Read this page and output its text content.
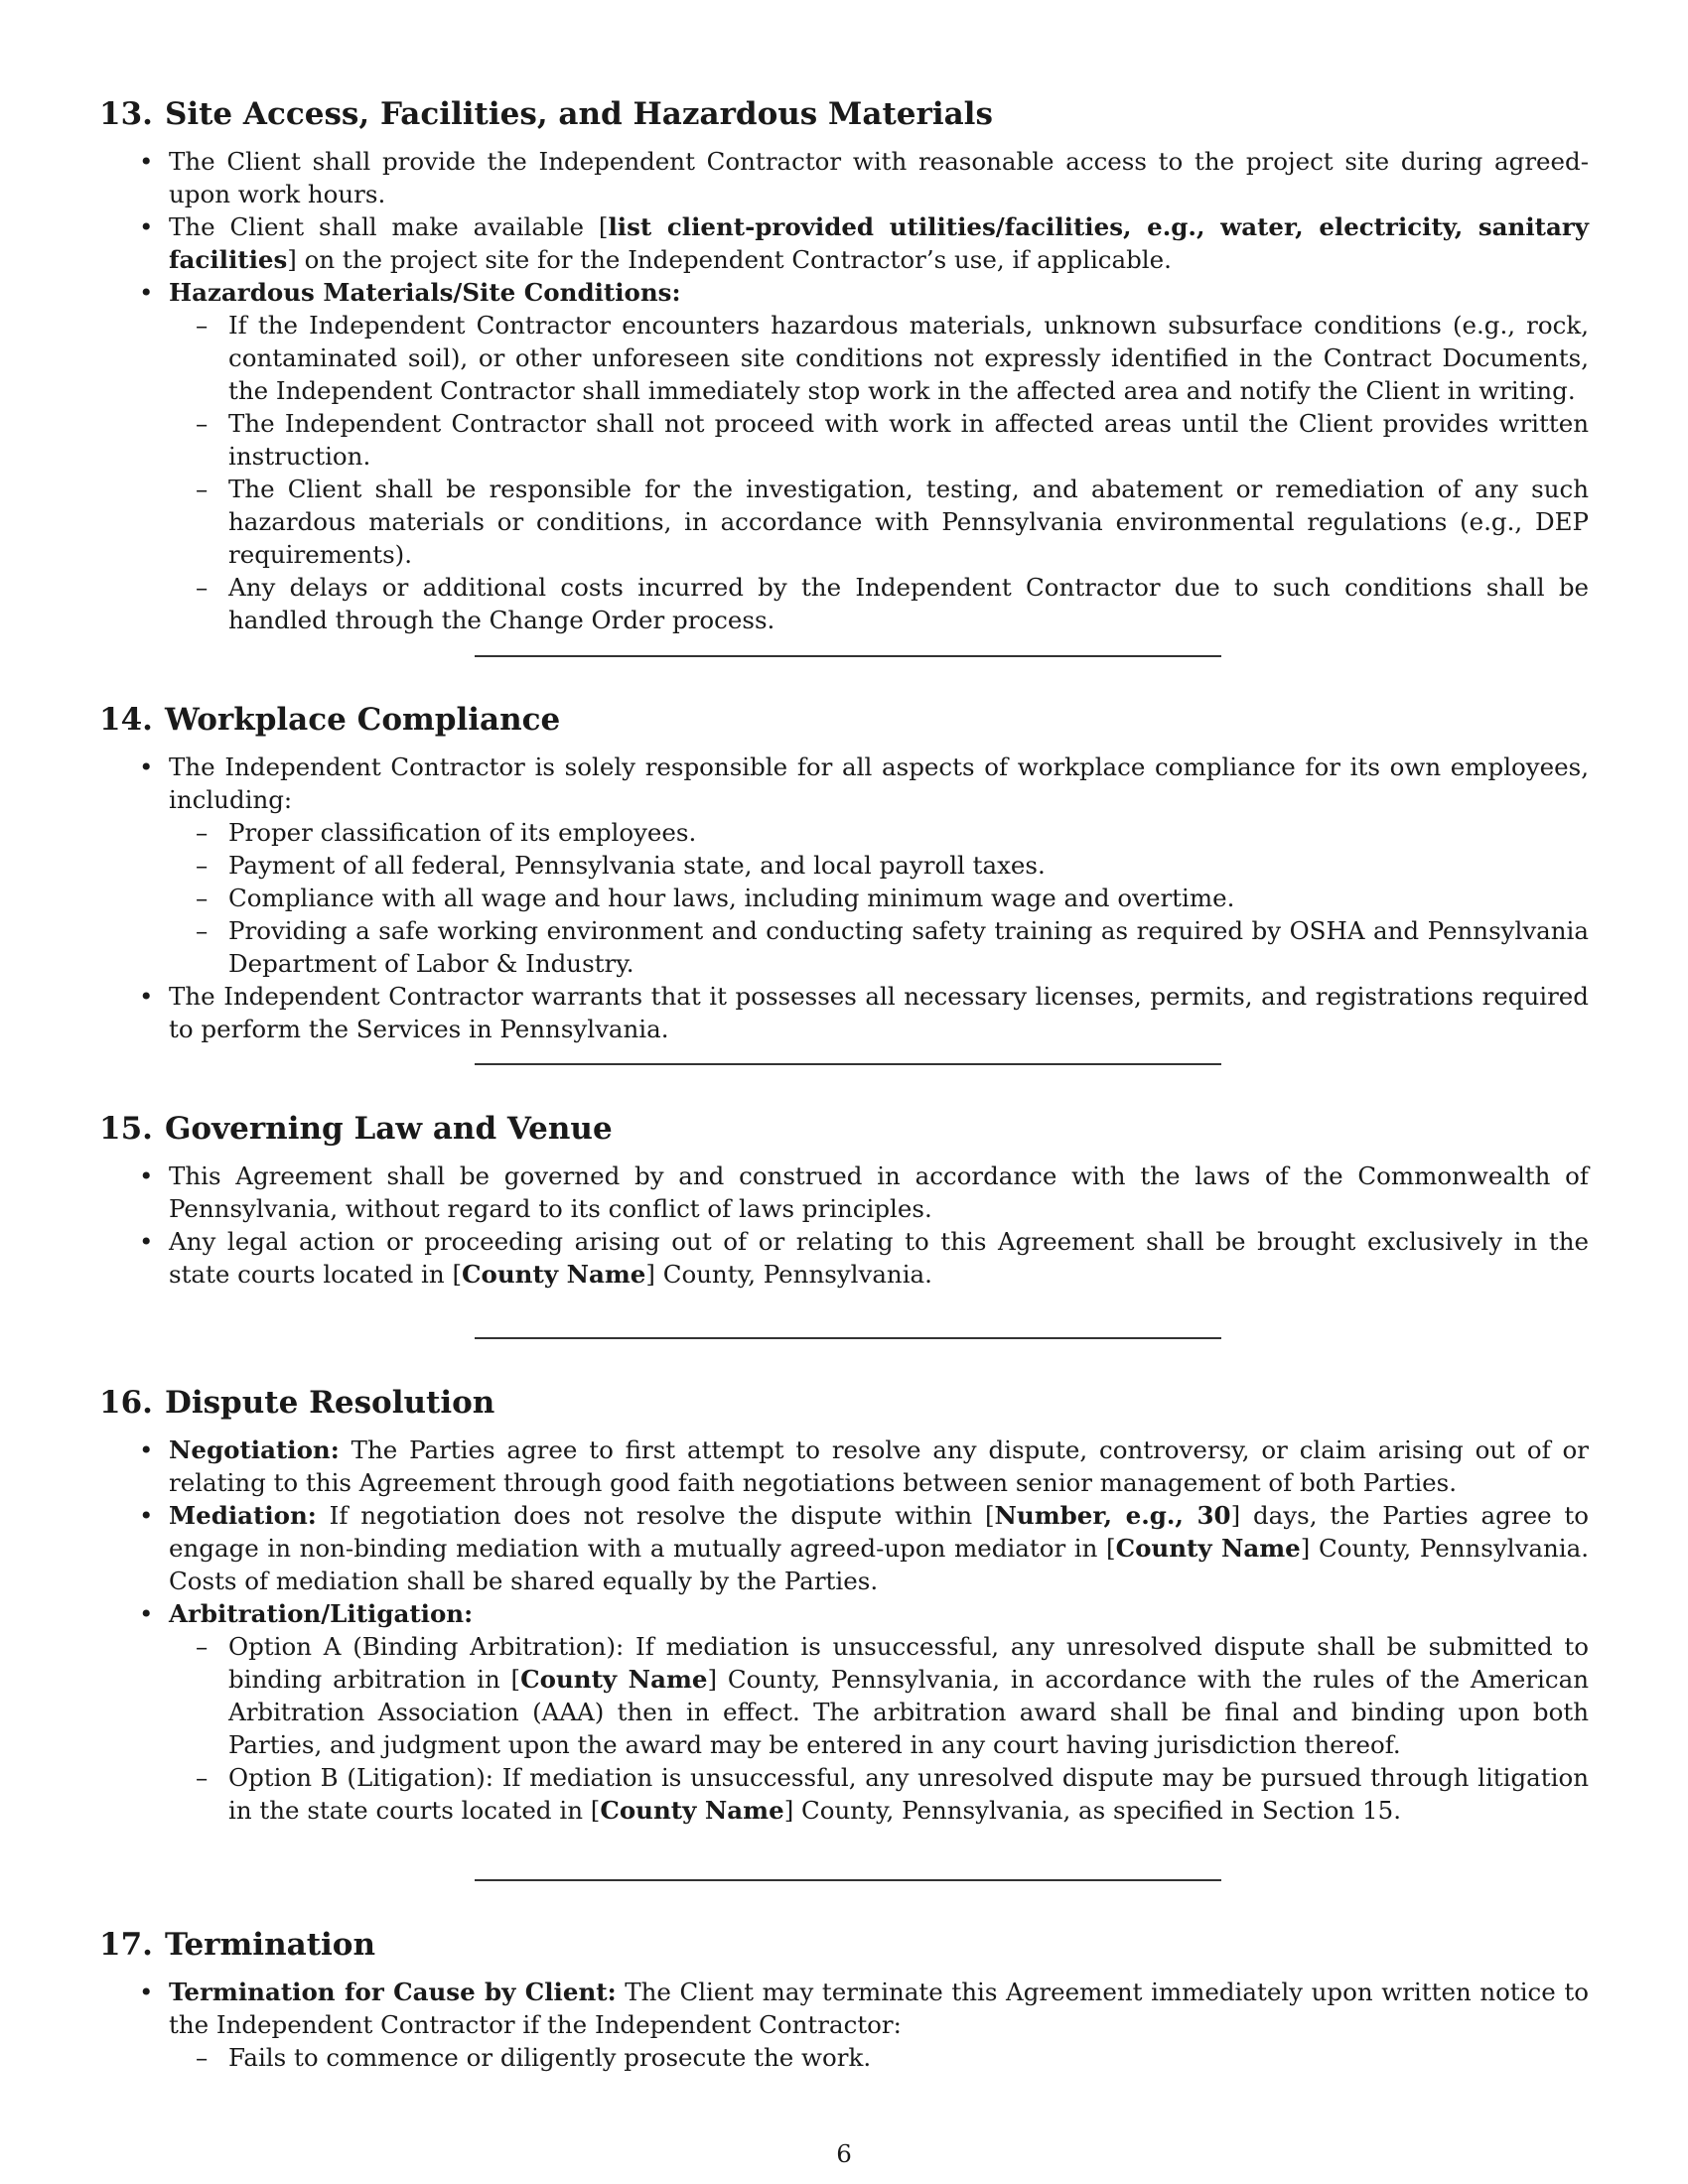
13. Site Access, Facilities, and Hazardous Materials
• The Client shall provide the Independent Contractor with reasonable access to the project site during agreed-upon work hours.
• The Client shall make available [list client-provided utilities/facilities, e.g., water, electricity, sanitary facilities] on the project site for the Independent Contractor’s use, if applicable.
• Hazardous Materials/Site Conditions:
– If the Independent Contractor encounters hazardous materials, unknown subsurface conditions (e.g., rock, contaminated soil), or other unforeseen site conditions not expressly identified in the Contract Documents, the Independent Contractor shall immediately stop work in the affected area and notify the Client in writing.
– The Independent Contractor shall not proceed with work in affected areas until the Client provides written instruction.
– The Client shall be responsible for the investigation, testing, and abatement or remediation of any such hazardous materials or conditions, in accordance with Pennsylvania environmental regulations (e.g., DEP requirements).
– Any delays or additional costs incurred by the Independent Contractor due to such conditions shall be handled through the Change Order process.
14. Workplace Compliance
• The Independent Contractor is solely responsible for all aspects of workplace compliance for its own employees, including:
– Proper classification of its employees.
– Payment of all federal, Pennsylvania state, and local payroll taxes.
– Compliance with all wage and hour laws, including minimum wage and overtime.
– Providing a safe working environment and conducting safety training as required by OSHA and Pennsylvania Department of Labor & Industry.
• The Independent Contractor warrants that it possesses all necessary licenses, permits, and registrations required to perform the Services in Pennsylvania.
15. Governing Law and Venue
• This Agreement shall be governed by and construed in accordance with the laws of the Commonwealth of Pennsylvania, without regard to its conflict of laws principles.
• Any legal action or proceeding arising out of or relating to this Agreement shall be brought exclusively in the state courts located in [County Name] County, Pennsylvania.
16. Dispute Resolution
• Negotiation: The Parties agree to first attempt to resolve any dispute, controversy, or claim arising out of or relating to this Agreement through good faith negotiations between senior management of both Parties.
• Mediation: If negotiation does not resolve the dispute within [Number, e.g., 30] days, the Parties agree to engage in non-binding mediation with a mutually agreed-upon mediator in [County Name] County, Pennsylvania. Costs of mediation shall be shared equally by the Parties.
• Arbitration/Litigation:
– Option A (Binding Arbitration): If mediation is unsuccessful, any unresolved dispute shall be submitted to binding arbitration in [County Name] County, Pennsylvania, in accordance with the rules of the American Arbitration Association (AAA) then in effect. The arbitration award shall be final and binding upon both Parties, and judgment upon the award may be entered in any court having jurisdiction thereof.
– Option B (Litigation): If mediation is unsuccessful, any unresolved dispute may be pursued through litigation in the state courts located in [County Name] County, Pennsylvania, as specified in Section 15.
17. Termination
• Termination for Cause by Client: The Client may terminate this Agreement immediately upon written notice to the Independent Contractor if the Independent Contractor:
– Fails to commence or diligently prosecute the work.
6
